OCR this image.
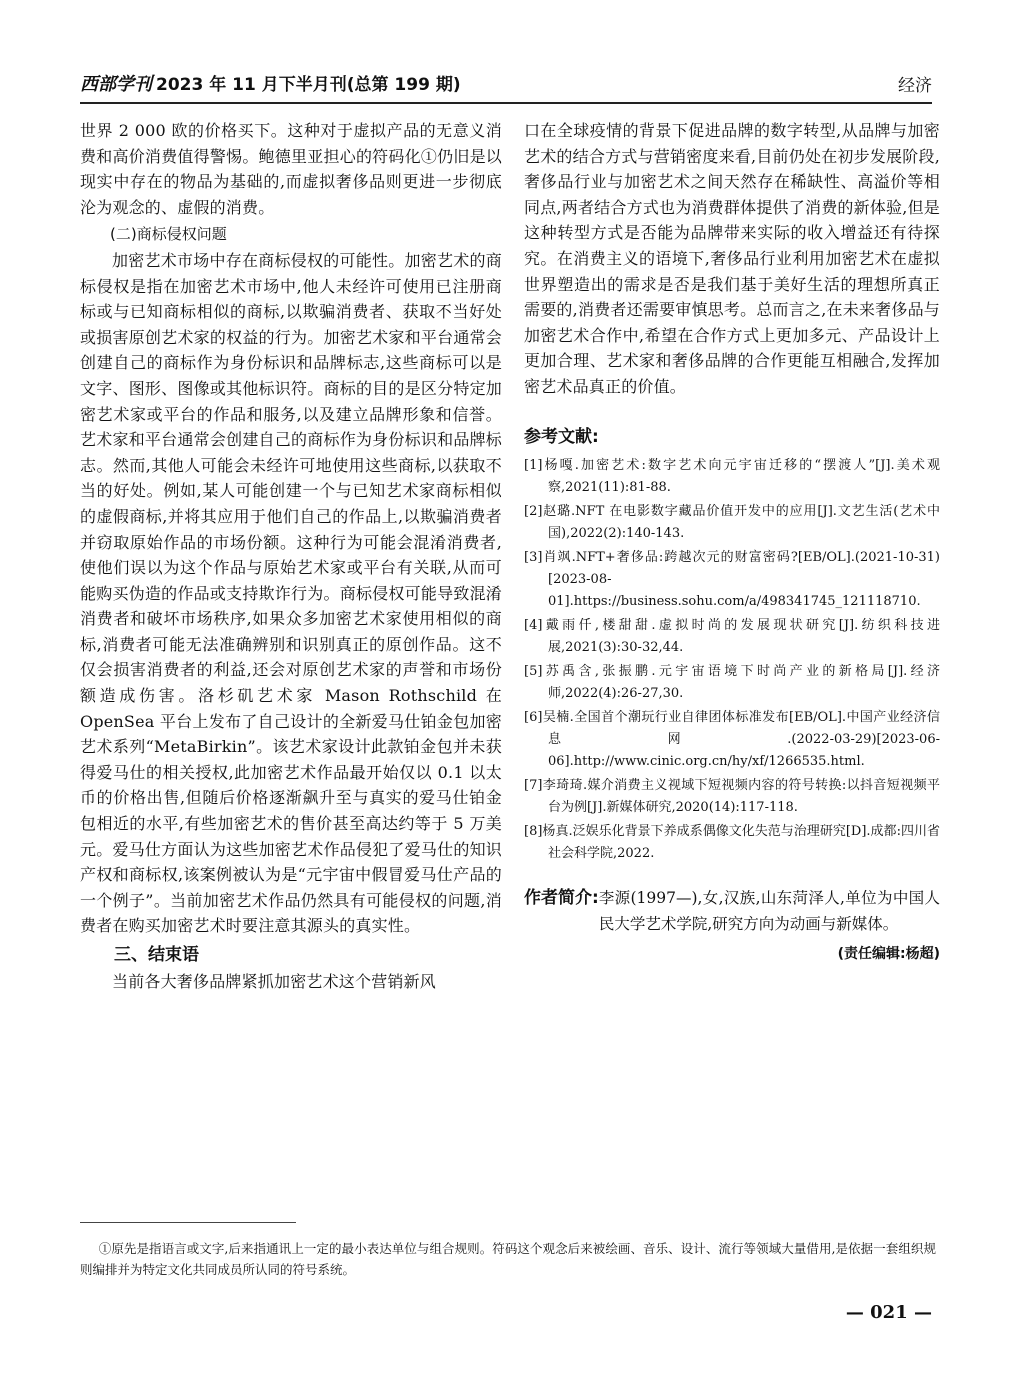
西部学刊 2023 年 11 月下半月刊(总第 199 期)	经济

世界 2 000 欧的价格买下。这种对于虚拟产品的无意义消费和高价消费值得警惕。鲍德里亚担心的符码化①仍旧是以现实中存在的物品为基础的,而虚拟奢侈品则更进一步彻底沦为观念的、虚假的消费。

(二)商标侵权问题

加密艺术市场中存在商标侵权的可能性。加密艺术的商标侵权是指在加密艺术市场中,他人未经许可使用已注册商标或与已知商标相似的商标,以欺骗消费者、获取不当好处或损害原创艺术家的权益的行为。加密艺术家和平台通常会创建自己的商标作为身份标识和品牌标志,这些商标可以是文字、图形、图像或其他标识符。商标的目的是区分特定加密艺术家或平台的作品和服务,以及建立品牌形象和信誉。艺术家和平台通常会创建自己的商标作为身份标识和品牌标志。然而,其他人可能会未经许可地使用这些商标,以获取不当的好处。例如,某人可能创建一个与已知艺术家商标相似的虚假商标,并将其应用于他们自己的作品上,以欺骗消费者并窃取原始作品的市场份额。这种行为可能会混淆消费者,使他们误以为这个作品与原始艺术家或平台有关联,从而可能购买伪造的作品或支持欺诈行为。商标侵权可能导致混淆消费者和破坏市场秩序,如果众多加密艺术家使用相似的商标,消费者可能无法准确辨别和识别真正的原创作品。这不仅会损害消费者的利益,还会对原创艺术家的声誉和市场份额造成伤害。洛杉矶艺术家 Mason Rothschild 在 OpenSea 平台上发布了自己设计的全新爱马仕铂金包加密艺术系列“MetaBirkin”。该艺术家设计此款铂金包并未获得爱马仕的相关授权,此加密艺术作品最开始仅以 0.1 以太币的价格出售,但随后价格逐渐飙升至与真实的爱马仕铂金包相近的水平,有些加密艺术的售价甚至高达约等于 5 万美元。爱马仕方面认为这些加密艺术作品侵犯了爱马仕的知识产权和商标权,该案例被认为是“元宇宙中假冒爱马仕产品的一个例子”。当前加密艺术作品仍然具有可能侵权的问题,消费者在购买加密艺术时要注意其源头的真实性。

三、结束语

当前各大奢侈品牌紧抓加密艺术这个营销新风

口在全球疫情的背景下促进品牌的数字转型,从品牌与加密艺术的结合方式与营销密度来看,目前仍处在初步发展阶段,奢侈品行业与加密艺术之间天然存在稀缺性、高溢价等相同点,两者结合方式也为消费群体提供了消费的新体验,但是这种转型方式是否能为品牌带来实际的收入增益还有待探究。在消费主义的语境下,奢侈品行业利用加密艺术在虚拟世界塑造出的需求是否是我们基于美好生活的理想所真正需要的,消费者还需要审慎思考。总而言之,在未来奢侈品与加密艺术合作中,希望在合作方式上更加多元、产品设计上更加合理、艺术家和奢侈品牌的合作更能互相融合,发挥加密艺术品真正的价值。

参考文献:

[1]杨嘎.加密艺术:数字艺术向元宇宙迁移的“摆渡人”[J].美术观察,2021(11):81-88.

[2]赵璐.NFT 在电影数字藏品价值开发中的应用[J].文艺生活(艺术中国),2022(2):140-143.

[3]肖飒.NFT+奢侈品:跨越次元的财富密码?[EB/OL].(2021-10-31)[2023-08-01].https://business.sohu.com/a/498341745_121118710.

[4]戴雨仟,楼甜甜.虚拟时尚的发展现状研究[J].纺织科技进展,2021(3):30-32,44.

[5]苏禹含,张振鹏.元宇宙语境下时尚产业的新格局[J].经济师,2022(4):26-27,30.

[6]吴楠.全国首个潮玩行业自律团体标准发布[EB/OL].中国产业经济信息网.(2022-03-29)[2023-06-06].http://www.cinic.org.cn/hy/xf/1266535.html.

[7]李琦琦.媒介消费主义视域下短视频内容的符号转换:以抖音短视频平台为例[J].新媒体研究,2020(14):117-118.

[8]杨真.泛娱乐化背景下养成系偶像文化失范与治理研究[D].成都:四川省社会科学院,2022.

作者简介: 李源(1997—),女,汉族,山东菏泽人,单位为中国人民大学艺术学院,研究方向为动画与新媒体。
(责任编辑:杨超)
①原先是指语言或文字,后来指通讯上一定的最小表达单位与组合规则。符码这个观念后来被绘画、音乐、设计、流行等领域大量借用,是依据一套组织规则编排并为特定文化共同成员所认同的符号系统。
— 021 —
